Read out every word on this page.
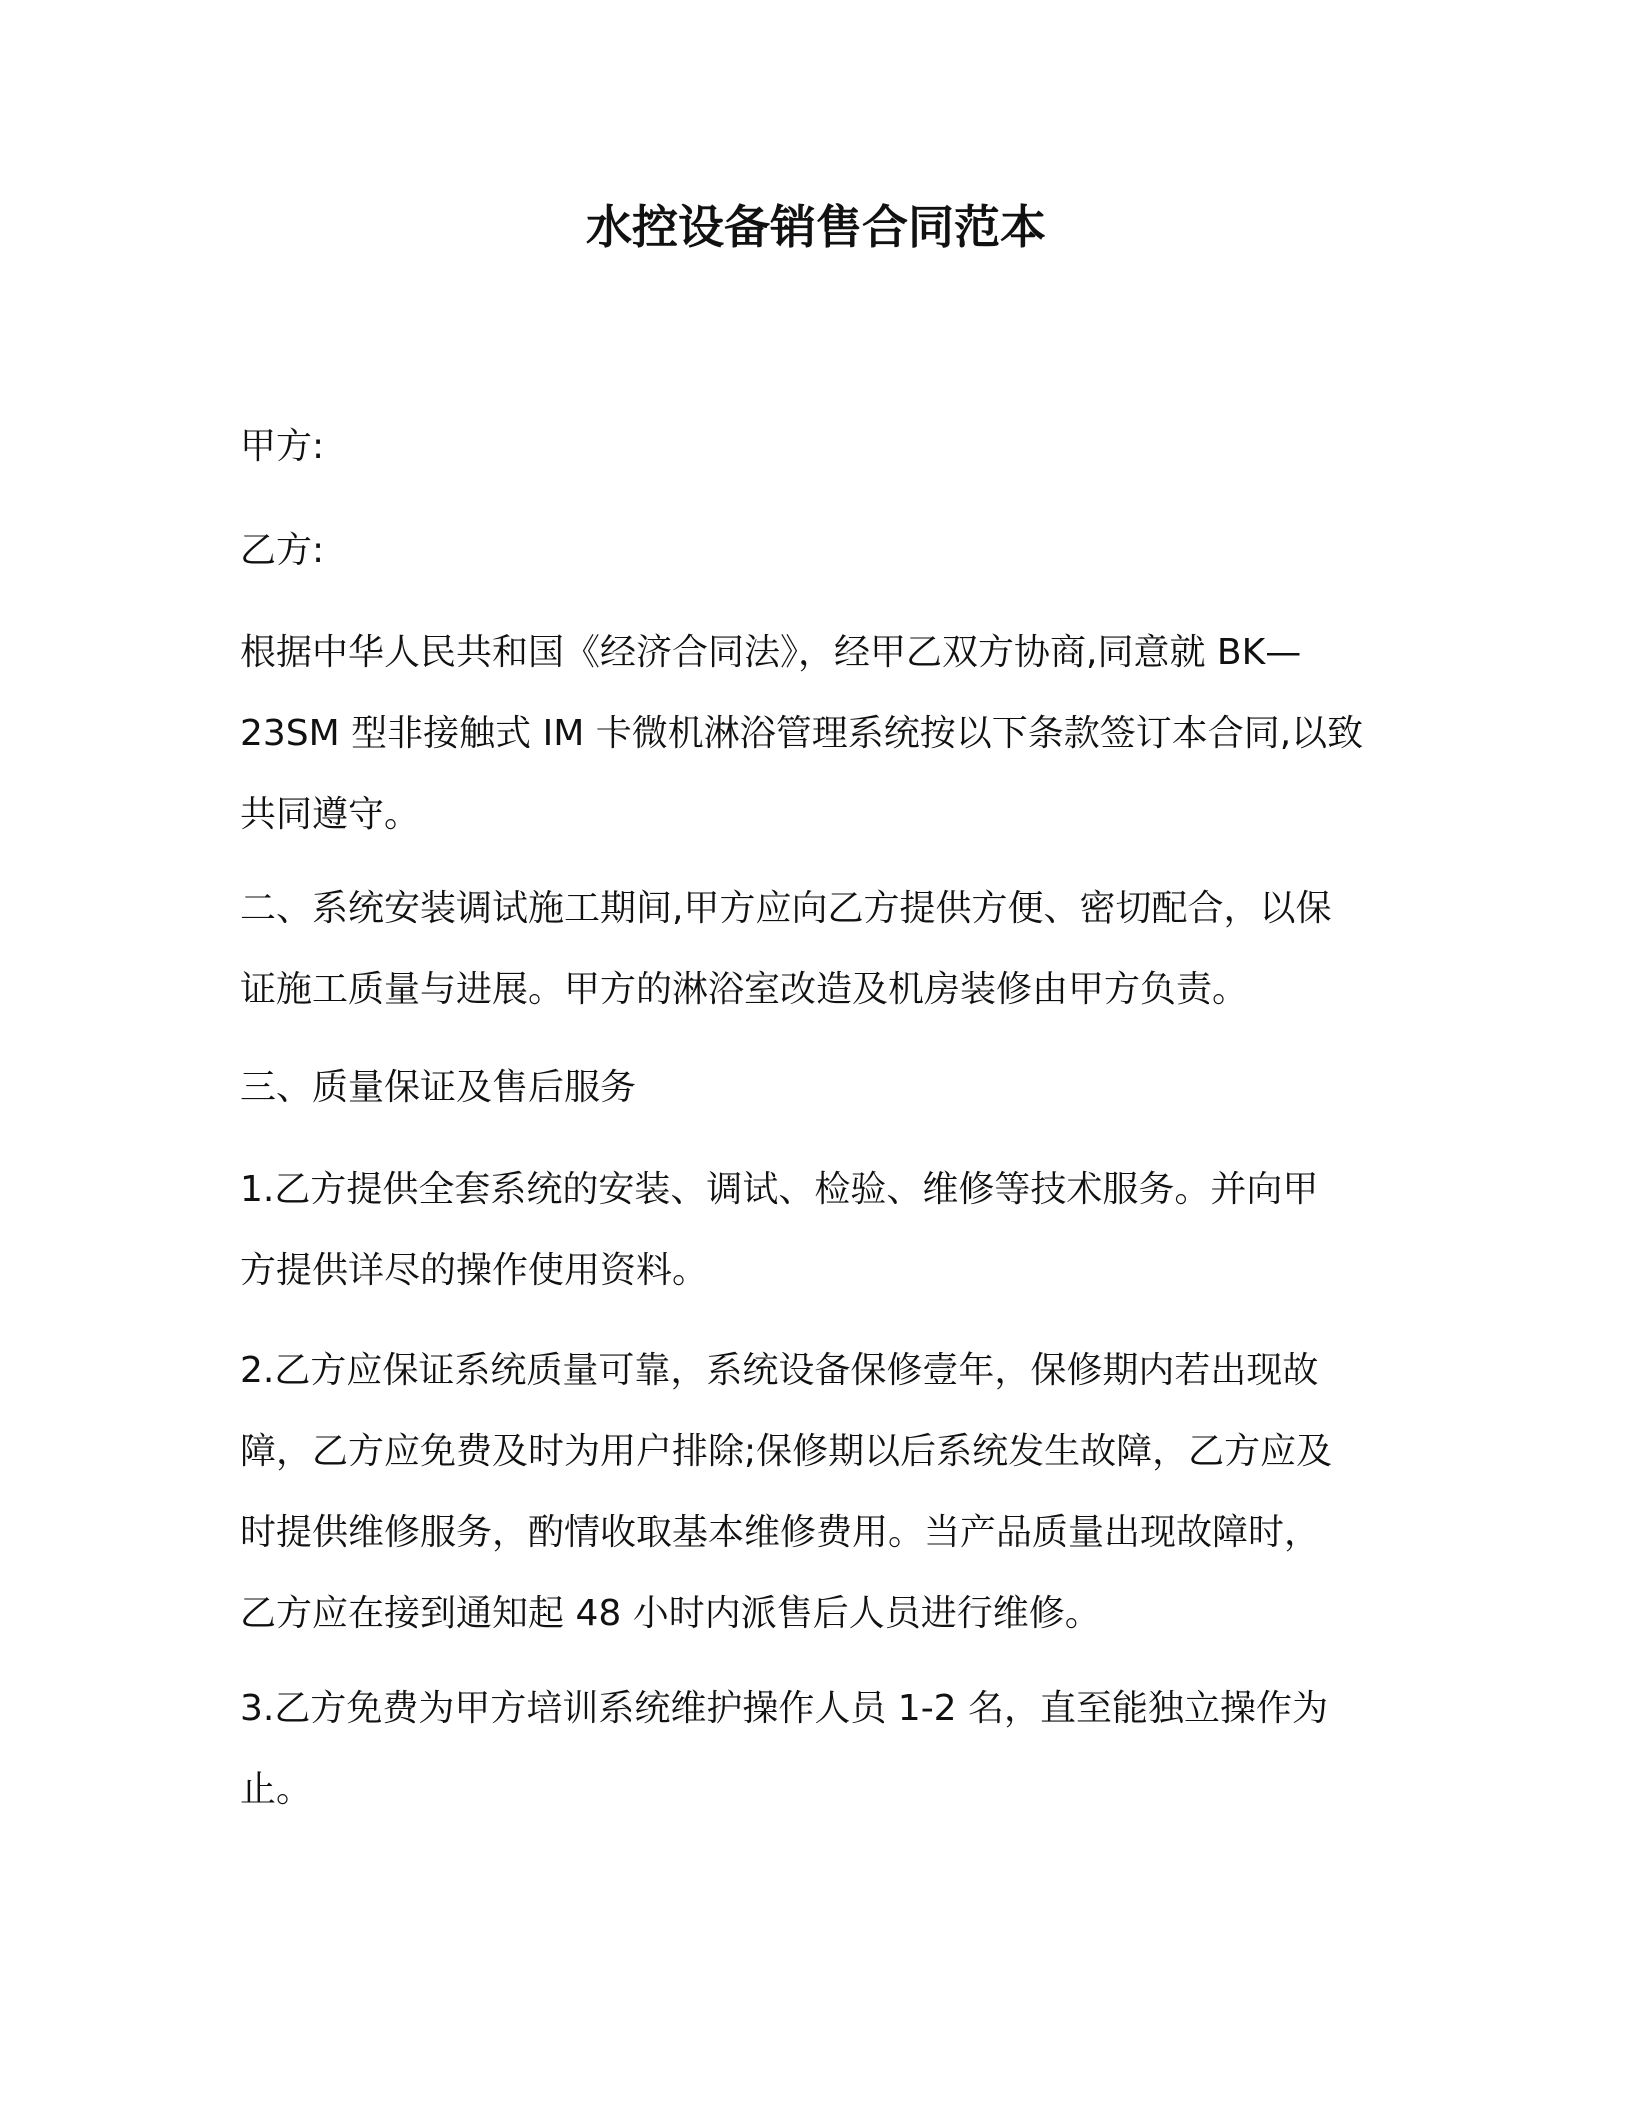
水控设备销售合同范本

甲方:

乙方:

根据中华人民共和国《经济合同法》，经甲乙双方协商,同意就 BK—
23SM 型非接触式 IM 卡微机淋浴管理系统按以下条款签订本合同,以致
共同遵守。

二、系统安装调试施工期间,甲方应向乙方提供方便、密切配合，以保
证施工质量与进展。甲方的淋浴室改造及机房装修由甲方负责。

三、质量保证及售后服务

1.乙方提供全套系统的安装、调试、检验、维修等技术服务。并向甲
方提供详尽的操作使用资料。

2.乙方应保证系统质量可靠，系统设备保修壹年，保修期内若出现故
障，乙方应免费及时为用户排除;保修期以后系统发生故障，乙方应及
时提供维修服务，酌情收取基本维修费用。当产品质量出现故障时，
乙方应在接到通知起 48 小时内派售后人员进行维修。

3.乙方免费为甲方培训系统维护操作人员 1-2 名，直至能独立操作为
止。
